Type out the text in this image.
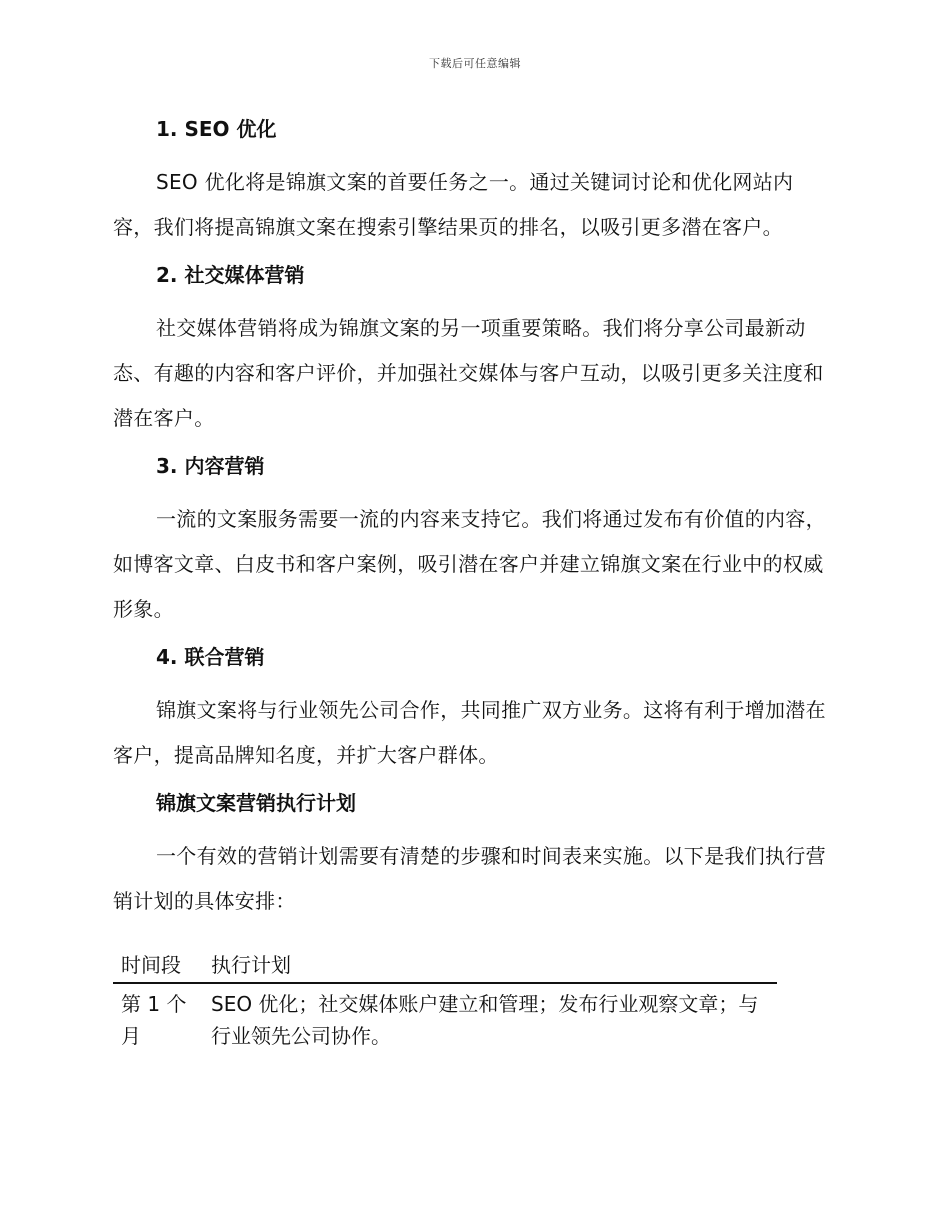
下载后可任意编辑
1. SEO 优化

SEO 优化将是锦旗文案的首要任务之一。通过关键词讨论和优化网站内容，我们将提高锦旗文案在搜索引擎结果页的排名，以吸引更多潜在客户。

2. 社交媒体营销

社交媒体营销将成为锦旗文案的另一项重要策略。我们将分享公司最新动态、有趣的内容和客户评价，并加强社交媒体与客户互动，以吸引更多关注度和潜在客户。

3. 内容营销

一流的文案服务需要一流的内容来支持它。我们将通过发布有价值的内容，如博客文章、白皮书和客户案例，吸引潜在客户并建立锦旗文案在行业中的权威形象。

4. 联合营销

锦旗文案将与行业领先公司合作，共同推广双方业务。这将有利于增加潜在客户，提高品牌知名度，并扩大客户群体。

锦旗文案营销执行计划

一个有效的营销计划需要有清楚的步骤和时间表来实施。以下是我们执行营销计划的具体安排：

时间段	执行计划
第 1 个月	SEO 优化；社交媒体账户建立和管理；发布行业观察文章；与行业领先公司协作。
